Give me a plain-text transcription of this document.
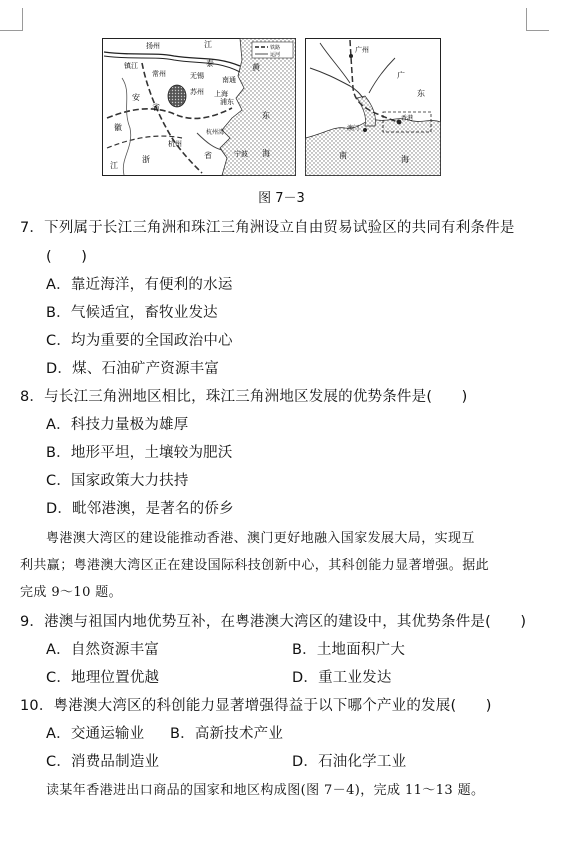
铁路
运河
扬州	江
泰	黄
镇江
常州	无锡
苏州
杭州
宁波
南通
上海
浦东
安
省
徽
省
江
浙
东
海
杭州湾
广州
广
东
香港
澳门
南	海
图 7－3
7．下列属于长江三角洲和珠江三角洲设立自由贸易试验区的共同有利条件是
(　　)
A．靠近海洋，有便利的水运
B．气候适宜，畜牧业发达
C．均为重要的全国政治中心
D．煤、石油矿产资源丰富
8．与长江三角洲地区相比，珠江三角洲地区发展的优势条件是(　　)
A．科技力量极为雄厚
B．地形平坦，土壤较为肥沃
C．国家政策大力扶持
D．毗邻港澳，是著名的侨乡
粤港澳大湾区的建设能推动香港、澳门更好地融入国家发展大局，实现互
利共赢；粤港澳大湾区正在建设国际科技创新中心，其科创能力显著增强。据此
完成 9～10 题。
9．港澳与祖国内地优势互补，在粤港澳大湾区的建设中，其优势条件是(　　)
A．自然资源丰富	B．土地面积广大
C．地理位置优越	D．重工业发达
10．粤港澳大湾区的科创能力显著增强得益于以下哪个产业的发展(　　)
A．交通运输业 B．高新技术产业
C．消费品制造业	D．石油化学工业
读某年香港进出口商品的国家和地区构成图(图 7－4)，完成 11～13 题。
